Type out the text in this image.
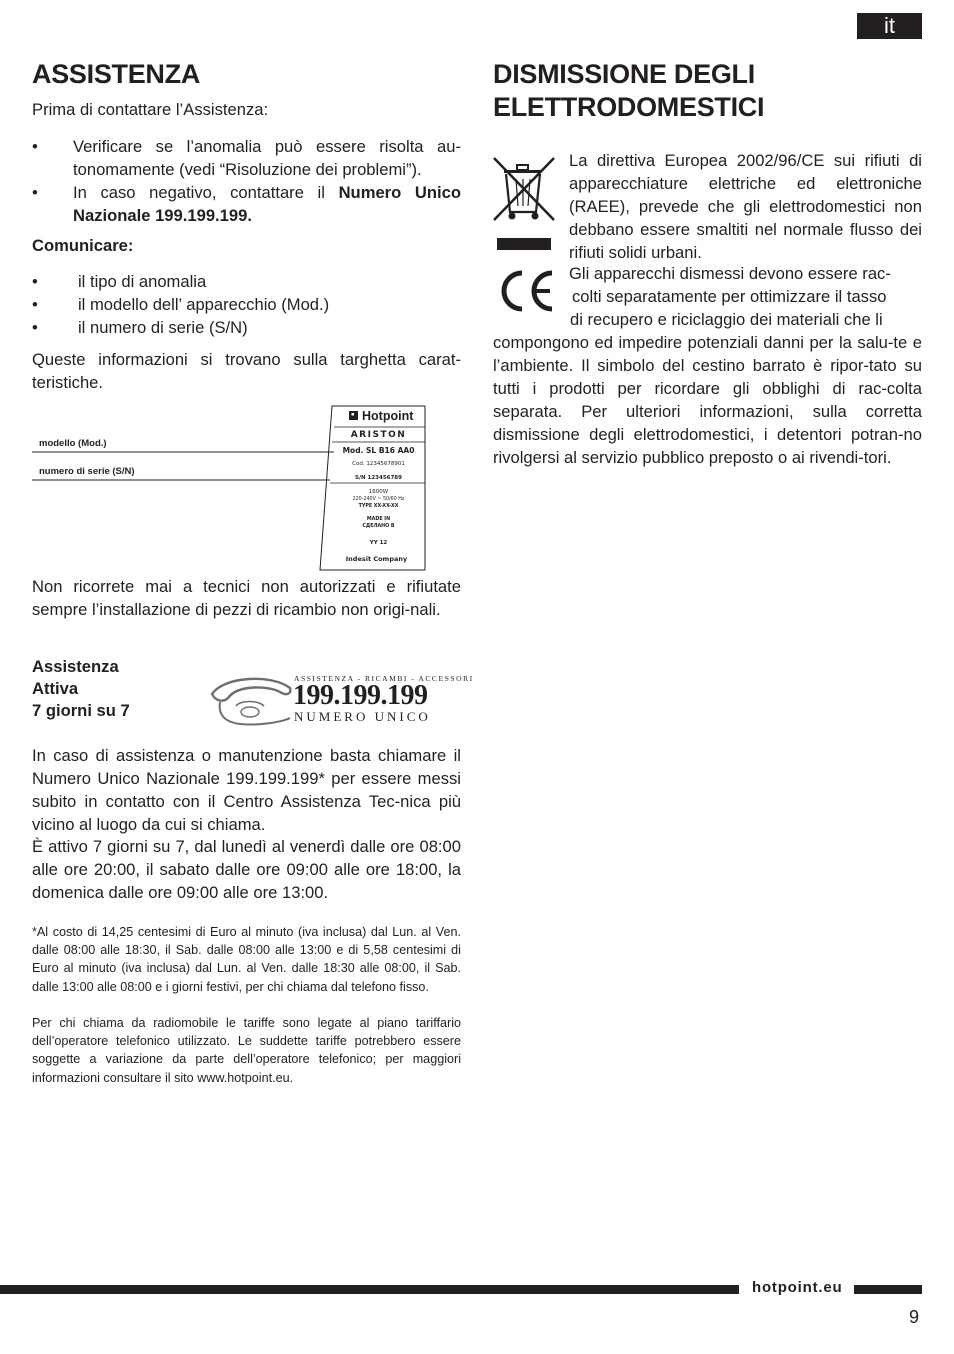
it
ASSISTENZA
Prima di contattare l’Assistenza:
• Verificare se l’anomalia può essere risolta au-tonomamente (vedi “Risoluzione dei problemi”).
• In caso negativo, contattare il Numero Unico Nazionale 199.199.199.
Comunicare:
• il tipo di anomalia
• il modello dell’ apparecchio (Mod.)
• il numero di serie (S/N)
Queste informazioni si trovano sulla targhetta carat-teristiche.
modello (Mod.)
numero di serie (S/N)
Hotpoint
ARISTON
Mod. SL B16 AA0
Cod. 12345678901
S/N 123456789
1600W
220-240V ~ 50/60 Hz
TYPE XX-XX-XX
MADE IN
СДЕЛАНО В
YY 12
Indesit Company
Non ricorrete mai a tecnici non autorizzati e rifiutate sempre l’installazione di pezzi di ricambio non origi-nali.
Assistenza
Attiva
7 giorni su 7
ASSISTENZA - RICAMBI - ACCESSORI
199.199.199
NUMERO UNICO
In caso di assistenza o manutenzione basta chiamare il Numero Unico Nazionale 199.199.199* per essere messi subito in contatto con il Centro Assistenza Tec-nica più vicino al luogo da cui si chiama.
È attivo 7 giorni su 7, dal lunedì al venerdì dalle ore 08:00 alle ore 20:00, il sabato dalle ore 09:00 alle ore 18:00, la domenica dalle ore 09:00 alle ore 13:00.
*Al costo di 14,25 centesimi di Euro al minuto (iva inclusa) dal Lun. al Ven. dalle 08:00 alle 18:30, il Sab. dalle 08:00 alle 13:00 e di 5,58 centesimi di Euro al minuto (iva inclusa) dal Lun. al Ven. dalle 18:30 alle 08:00, il Sab. dalle 13:00 alle 08:00 e i giorni festivi, per chi chiama dal telefono fisso.
Per chi chiama da radiomobile le tariffe sono legate al piano tariffario dell’operatore telefonico utilizzato. Le suddette tariffe potrebbero essere soggette a variazione da parte dell’operatore telefonico; per maggiori informazioni consultare il sito www.hotpoint.eu.
DISMISSIONE DEGLI
ELETTRODOMESTICI
La direttiva Europea 2002/96/CE sui rifiuti di apparecchiature elettriche ed elettroniche (RAEE), prevede che gli elettrodomestici non debbano essere smaltiti nel normale flusso dei rifiuti solidi urbani.
Gli apparecchi dismessi devono essere rac-
colti separatamente per ottimizzare il tasso
di recupero e riciclaggio dei materiali che li
compongono ed impedire potenziali danni per la salu-te e l’ambiente. Il simbolo del cestino barrato è ripor-tato su tutti i prodotti per ricordare gli obblighi di rac-colta separata. Per ulteriori informazioni, sulla corretta dismissione degli elettrodomestici, i detentori potran-no rivolgersi al servizio pubblico preposto o ai rivendi-tori.
hotpoint.eu
9
